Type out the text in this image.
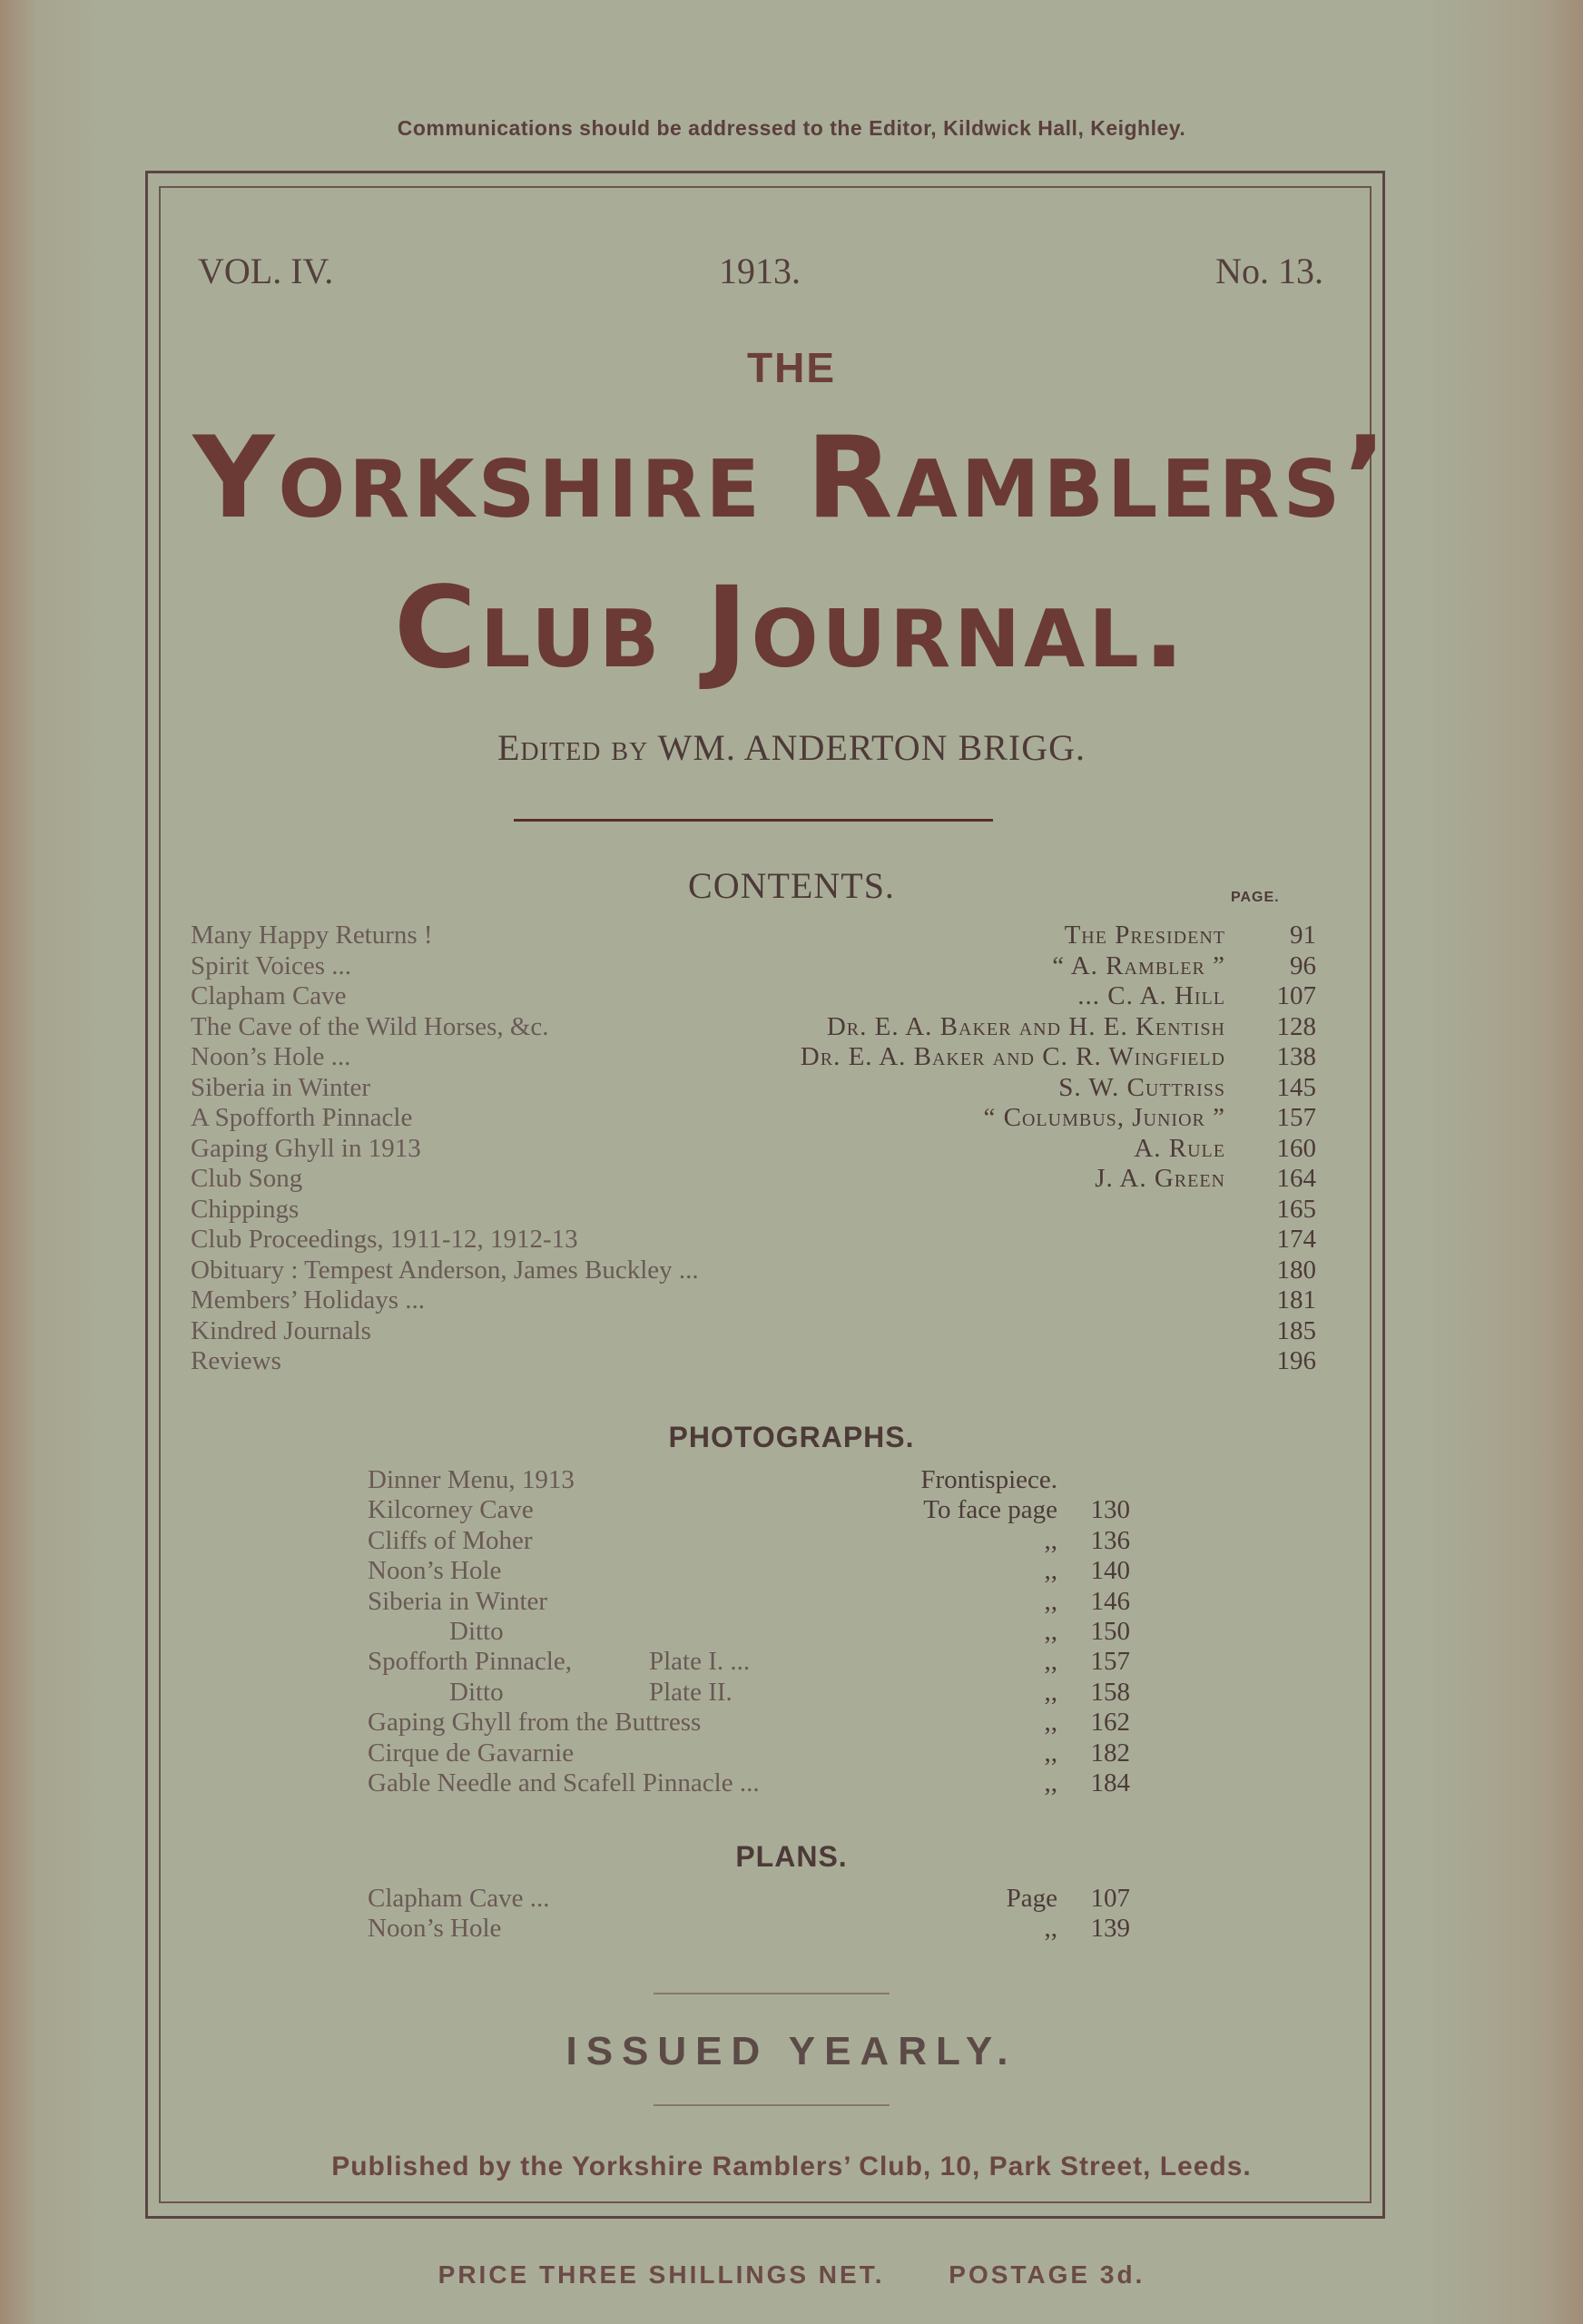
Communications should be addressed to the Editor, Kildwick Hall, Keighley.
VOL. IV.	1913.	No. 13.
THE
Yorkshire Ramblers’
Club Journal.
Edited by WM. ANDERTON BRIGG.
CONTENTS.	PAGE.
Many Happy Returns !	The President	91
Spirit Voices ...	“ A. Rambler ”	96
Clapham Cave	... C. A. Hill	107
The Cave of the Wild Horses, &c.	Dr. E. A. Baker and H. E. Kentish	128
Noon’s Hole ...	Dr. E. A. Baker and C. R. Wingfield	138
Siberia in Winter	S. W. Cuttriss	145
A Spofforth Pinnacle	“ Columbus, Junior ”	157
Gaping Ghyll in 1913	A. Rule	160
Club Song	J. A. Green	164
Chippings	165
Club Proceedings, 1911-12, 1912-13	174
Obituary : Tempest Anderson, James Buckley ...	180
Members’ Holidays ...	181
Kindred Journals	185
Reviews	196
PHOTOGRAPHS.
Dinner Menu, 1913	Frontispiece.
Kilcorney Cave	To face page	130
Cliffs of Moher	,,	136
Noon’s Hole	,,	140
Siberia in Winter	,,	146
Ditto	,,	150
Spofforth Pinnacle,	Plate I. ...	,,	157
Ditto	Plate II.	,,	158
Gaping Ghyll from the Buttress	,,	162
Cirque de Gavarnie	,,	182
Gable Needle and Scafell Pinnacle ...	,,	184
PLANS.
Clapham Cave ...	Page	107
Noon’s Hole	,,	139
ISSUED YEARLY.
Published by the Yorkshire Ramblers’ Club, 10, Park Street, Leeds.
PRICE THREE SHILLINGS NET.	POSTAGE 3d.
